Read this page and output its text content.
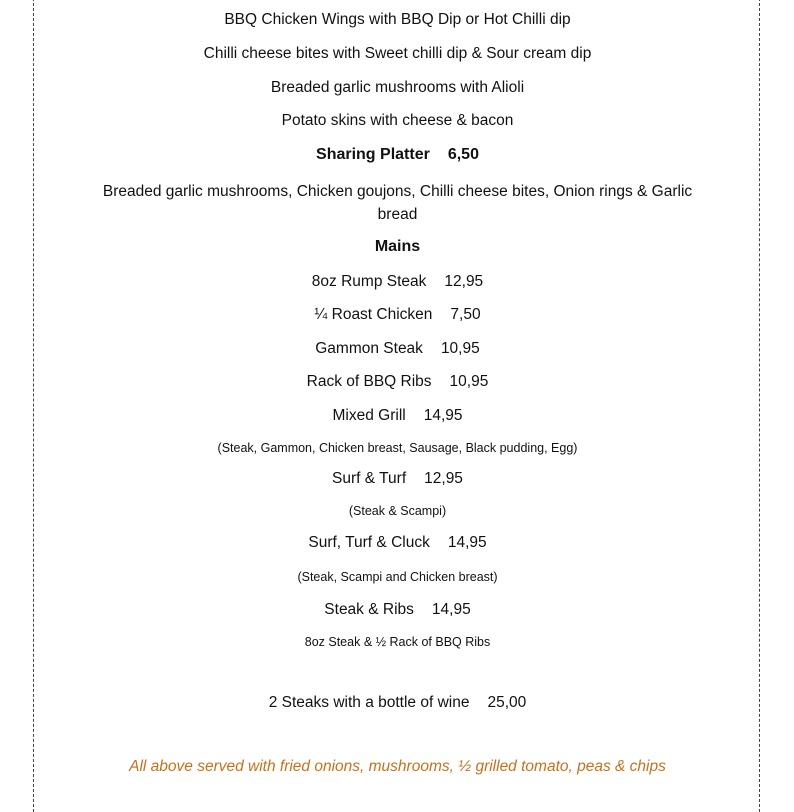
BBQ Chicken Wings with BBQ Dip or Hot Chilli dip
Chilli cheese bites with Sweet chilli dip & Sour cream dip
Breaded garlic mushrooms with Alioli
Potato skins with cheese & bacon
Sharing Platter 6,50
Breaded garlic mushrooms, Chicken goujons, Chilli cheese bites, Onion rings & Garlic bread
Mains
8oz Rump Steak 12,95
¼ Roast Chicken 7,50
Gammon Steak 10,95
Rack of BBQ Ribs 10,95
Mixed Grill 14,95
(Steak, Gammon, Chicken breast, Sausage, Black pudding, Egg)
Surf & Turf 12,95
(Steak & Scampi)
Surf, Turf & Cluck 14,95
(Steak, Scampi and Chicken breast)
Steak & Ribs 14,95
8oz Steak & ½ Rack of BBQ Ribs
2 Steaks with a bottle of wine 25,00
All above served with fried onions, mushrooms, ½ grilled tomato, peas & chips
